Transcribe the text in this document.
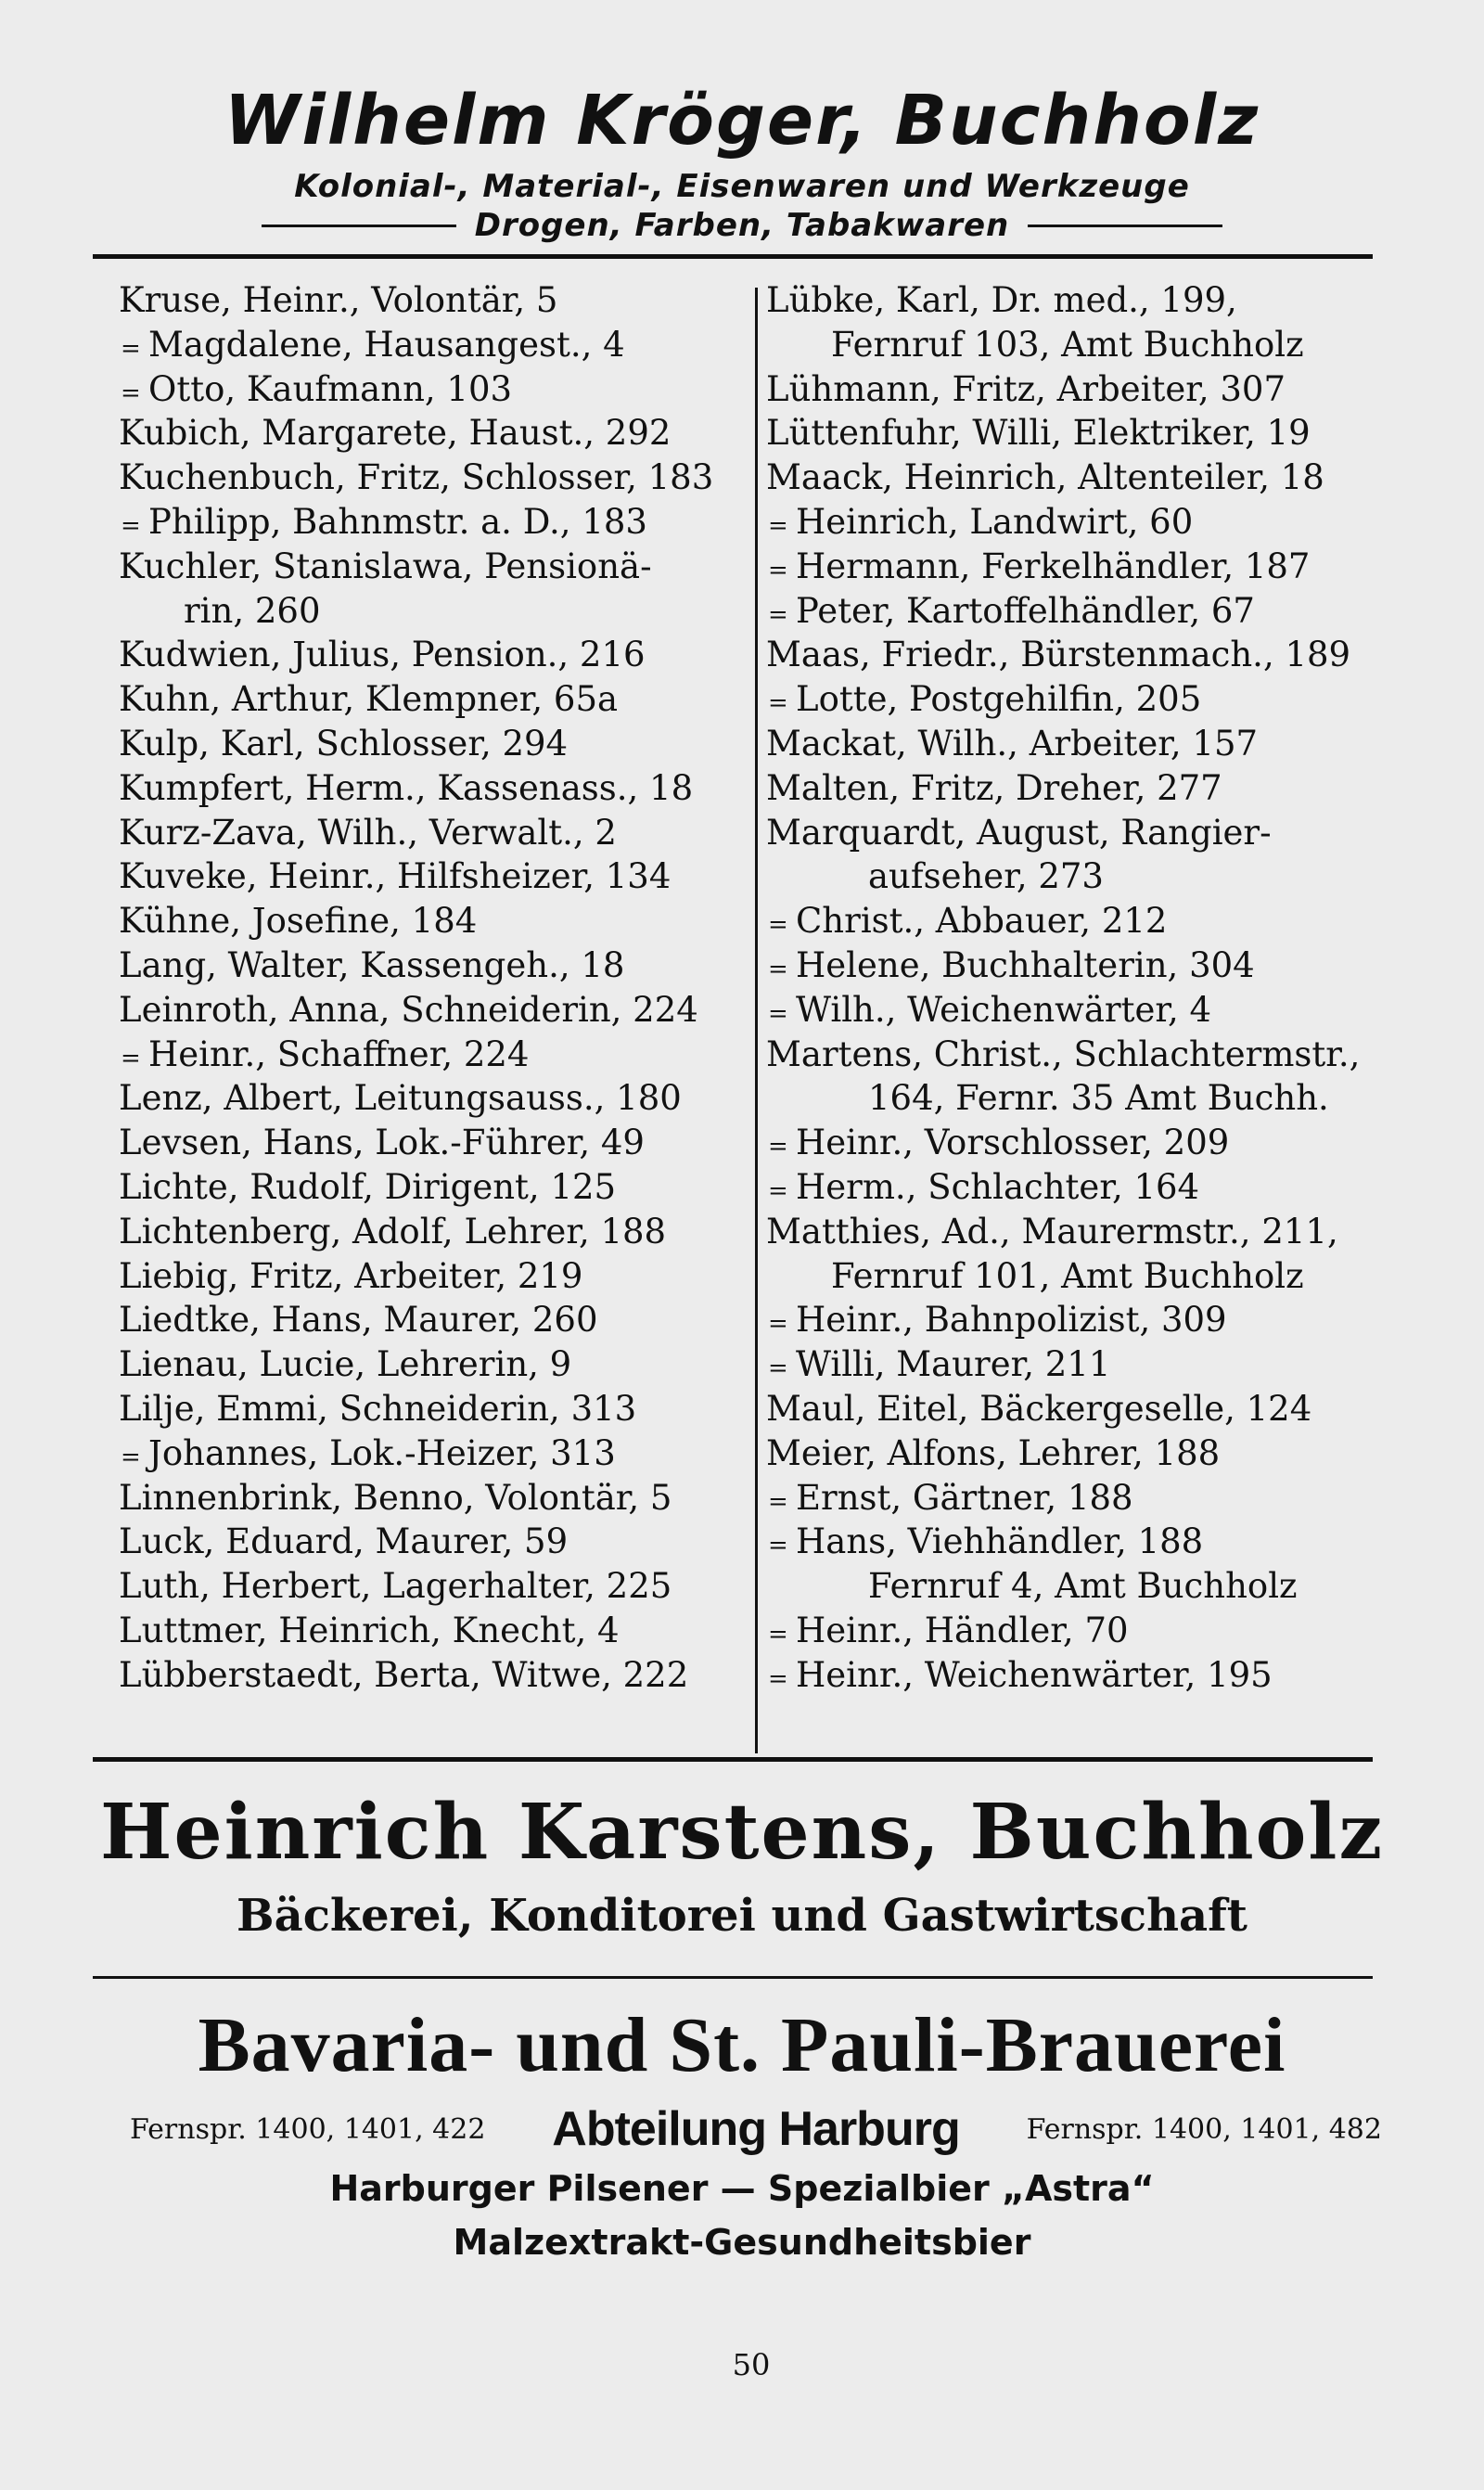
Wilhelm Kröger, Buchholz
Kolonial-, Material-, Eisenwaren und Werkzeuge
Drogen, Farben, Tabakwaren
Kruse, Heinr., Volontär, 5
= Magdalene, Hausangest., 4
= Otto, Kaufmann, 103
Kubich, Margarete, Haust., 292
Kuchenbuch, Fritz, Schlosser, 183
= Philipp, Bahnmstr. a. D., 183
Kuchler, Stanislawa, Pensionä-
rin, 260
Kudwien, Julius, Pension., 216
Kuhn, Arthur, Klempner, 65a
Kulp, Karl, Schlosser, 294
Kumpfert, Herm., Kassenass., 18
Kurz-Zava, Wilh., Verwalt., 2
Kuveke, Heinr., Hilfsheizer, 134
Kühne, Josefine, 184
Lang, Walter, Kassengeh., 18
Leinroth, Anna, Schneiderin, 224
= Heinr., Schaffner, 224
Lenz, Albert, Leitungsauss., 180
Levsen, Hans, Lok.-Führer, 49
Lichte, Rudolf, Dirigent, 125
Lichtenberg, Adolf, Lehrer, 188
Liebig, Fritz, Arbeiter, 219
Liedtke, Hans, Maurer, 260
Lienau, Lucie, Lehrerin, 9
Lilje, Emmi, Schneiderin, 313
= Johannes, Lok.-Heizer, 313
Linnenbrink, Benno, Volontär, 5
Luck, Eduard, Maurer, 59
Luth, Herbert, Lagerhalter, 225
Luttmer, Heinrich, Knecht, 4
Lübberstaedt, Berta, Witwe, 222
Lübke, Karl, Dr. med., 199,
Fernruf 103, Amt Buchholz
Lühmann, Fritz, Arbeiter, 307
Lüttenfuhr, Willi, Elektriker, 19
Maack, Heinrich, Altenteiler, 18
= Heinrich, Landwirt, 60
= Hermann, Ferkelhändler, 187
= Peter, Kartoffelhändler, 67
Maas, Friedr., Bürstenmach., 189
= Lotte, Postgehilfin, 205
Mackat, Wilh., Arbeiter, 157
Malten, Fritz, Dreher, 277
Marquardt, August, Rangier-
aufseher, 273
= Christ., Abbauer, 212
= Helene, Buchhalterin, 304
= Wilh., Weichenwärter, 4
Martens, Christ., Schlachtermstr.,
164, Fernr. 35 Amt Buchh.
= Heinr., Vorschlosser, 209
= Herm., Schlachter, 164
Matthies, Ad., Maurermstr., 211,
Fernruf 101, Amt Buchholz
= Heinr., Bahnpolizist, 309
= Willi, Maurer, 211
Maul, Eitel, Bäckergeselle, 124
Meier, Alfons, Lehrer, 188
= Ernst, Gärtner, 188
= Hans, Viehhändler, 188
Fernruf 4, Amt Buchholz
= Heinr., Händler, 70
= Heinr., Weichenwärter, 195
Heinrich Karstens, Buchholz
Bäckerei, Konditorei und Gastwirtschaft
Bavaria- und St. Pauli-Brauerei
Fernspr. 1400, 1401, 422 Abteilung Harburg Fernspr. 1400, 1401, 482
Harburger Pilsener — Spezialbier „Astra“
Malzextrakt-Gesundheitsbier
50
